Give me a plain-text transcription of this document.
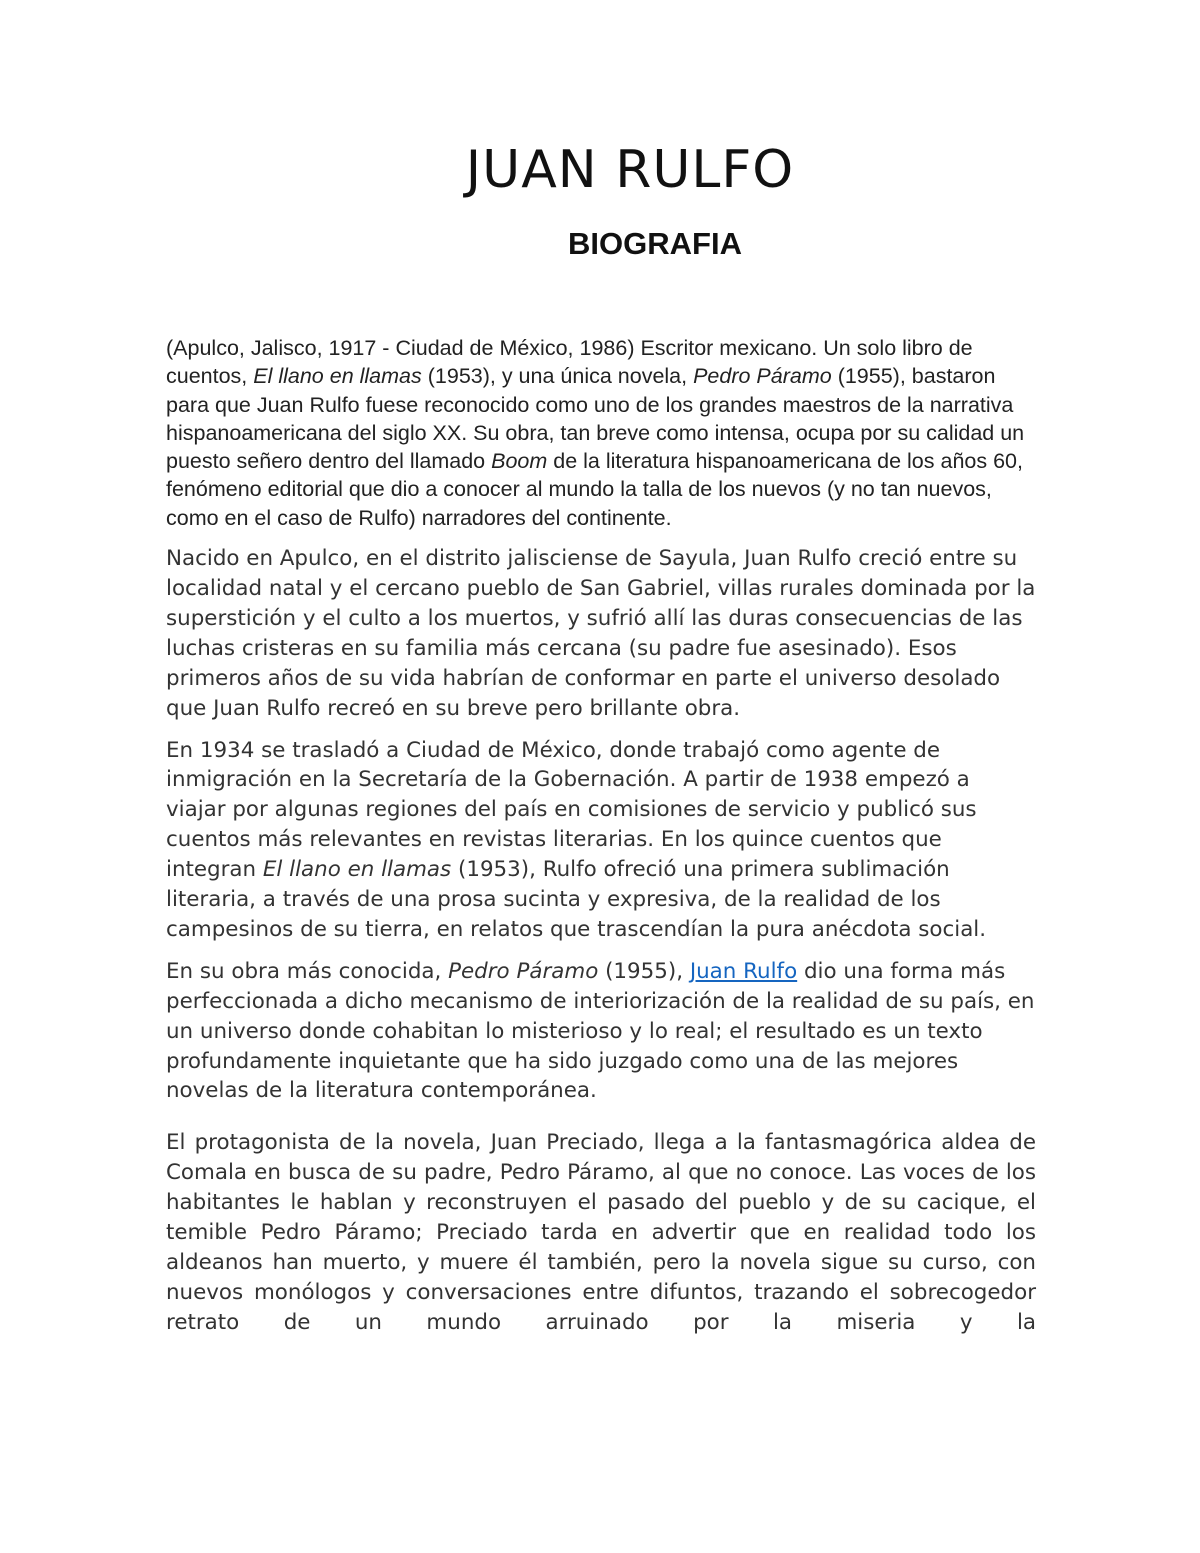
JUAN RULFO
BIOGRAFIA

(Apulco, Jalisco, 1917 - Ciudad de México, 1986) Escritor mexicano. Un solo libro de cuentos, El llano en llamas (1953), y una única novela, Pedro Páramo (1955), bastaron para que Juan Rulfo fuese reconocido como uno de los grandes maestros de la narrativa hispanoamericana del siglo XX. Su obra, tan breve como intensa, ocupa por su calidad un puesto señero dentro del llamado Boom de la literatura hispanoamericana de los años 60, fenómeno editorial que dio a conocer al mundo la talla de los nuevos (y no tan nuevos, como en el caso de Rulfo) narradores del continente.

Nacido en Apulco, en el distrito jalisciense de Sayula, Juan Rulfo creció entre su localidad natal y el cercano pueblo de San Gabriel, villas rurales dominada por la superstición y el culto a los muertos, y sufrió allí las duras consecuencias de las luchas cristeras en su familia más cercana (su padre fue asesinado). Esos primeros años de su vida habrían de conformar en parte el universo desolado que Juan Rulfo recreó en su breve pero brillante obra.

En 1934 se trasladó a Ciudad de México, donde trabajó como agente de inmigración en la Secretaría de la Gobernación. A partir de 1938 empezó a viajar por algunas regiones del país en comisiones de servicio y publicó sus cuentos más relevantes en revistas literarias. En los quince cuentos que integran El llano en llamas (1953), Rulfo ofreció una primera sublimación literaria, a través de una prosa sucinta y expresiva, de la realidad de los campesinos de su tierra, en relatos que trascendían la pura anécdota social.

En su obra más conocida, Pedro Páramo (1955), Juan Rulfo dio una forma más perfeccionada a dicho mecanismo de interiorización de la realidad de su país, en un universo donde cohabitan lo misterioso y lo real; el resultado es un texto profundamente inquietante que ha sido juzgado como una de las mejores novelas de la literatura contemporánea.

El protagonista de la novela, Juan Preciado, llega a la fantasmagórica aldea de Comala en busca de su padre, Pedro Páramo, al que no conoce. Las voces de los habitantes le hablan y reconstruyen el pasado del pueblo y de su cacique, el temible Pedro Páramo; Preciado tarda en advertir que en realidad todo los aldeanos han muerto, y muere él también, pero la novela sigue su curso, con nuevos monólogos y conversaciones entre difuntos, trazando el sobrecogedor retrato de un mundo arruinado por la miseria y la
